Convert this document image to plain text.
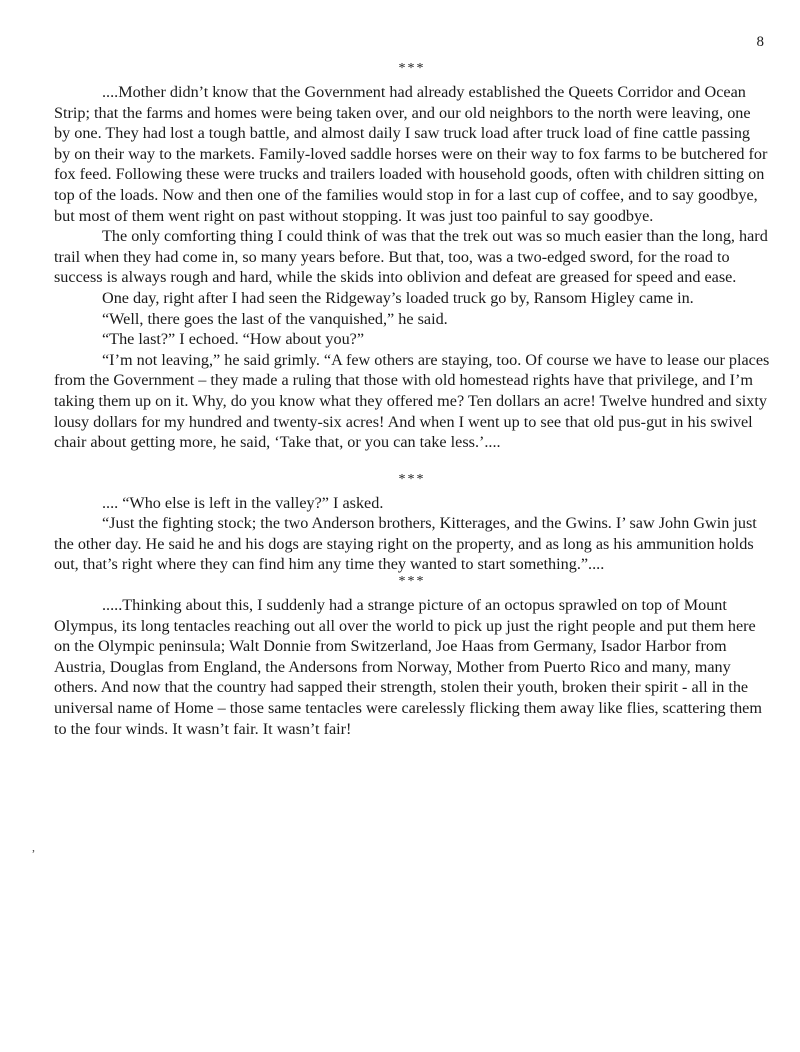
8
***

....Mother didn’t know that the Government had already established the Queets Corridor and Ocean Strip; that the farms and homes were being taken over, and our old neighbors to the north were leaving, one by one. They had lost a tough battle, and almost daily I saw truck load after truck load of fine cattle passing by on their way to the markets. Family-loved saddle horses were on their way to fox farms to be butchered for fox feed. Following these were trucks and trailers loaded with household goods, often with children sitting on top of the loads. Now and then one of the families would stop in for a last cup of coffee, and to say goodbye, but most of them went right on past without stopping. It was just too painful to say goodbye.

The only comforting thing I could think of was that the trek out was so much easier than the long, hard trail when they had come in, so many years before. But that, too, was a two-edged sword, for the road to success is always rough and hard, while the skids into oblivion and defeat are greased for speed and ease.

One day, right after I had seen the Ridgeway’s loaded truck go by, Ransom Higley came in.

“Well, there goes the last of the vanquished,” he said.

“The last?” I echoed. “How about you?”

“I’m not leaving,” he said grimly. “A few others are staying, too. Of course we have to lease our places from the Government – they made a ruling that those with old homestead rights have that privilege, and I’m taking them up on it. Why, do you know what they offered me? Ten dollars an acre! Twelve hundred and sixty lousy dollars for my hundred and twenty-six acres! And when I went up to see that old pus-gut in his swivel chair about getting more, he said, ‘Take that, or you can take less.’....

***

.... “Who else is left in the valley?” I asked.

“Just the fighting stock; the two Anderson brothers, Kitterages, and the Gwins. I’ saw John Gwin just the other day. He said he and his dogs are staying right on the property, and as long as his ammunition holds out, that’s right where they can find him any time they wanted to start something.”....

***

.....Thinking about this, I suddenly had a strange picture of an octopus sprawled on top of Mount Olympus, its long tentacles reaching out all over the world to pick up just the right people and put them here on the Olympic peninsula; Walt Donnie from Switzerland, Joe Haas from Germany, Isador Harbor from Austria, Douglas from England, the Andersons from Norway, Mother from Puerto Rico and many, many others. And now that the country had sapped their strength, stolen their youth, broken their spirit - all in the universal name of Home – those same tentacles were carelessly flicking them away like flies, scattering them to the four winds. It wasn’t fair. It wasn’t fair!

,
